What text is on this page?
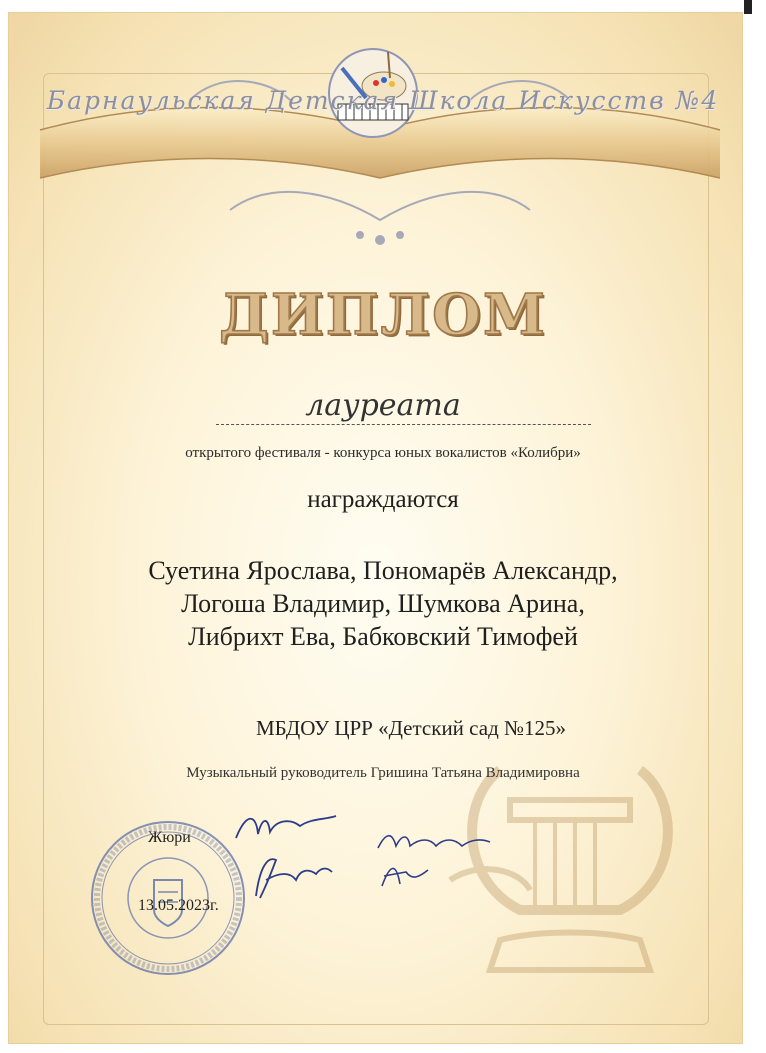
Барнаульская Детская Школа Искусств №4
ДИПЛОМ
лауреата
открытого фестиваля - конкурса юных вокалистов «Колибри»
награждаются
Суетина Ярослава, Пономарёв Александр,
Логоша Владимир, Шумкова Арина,
Либрихт Ева, Бабковский Тимофей
МБДОУ ЦРР «Детский сад №125»
Музыкальный руководитель Гришина Татьяна Владимировна
Жюри
13.05.2023г.
